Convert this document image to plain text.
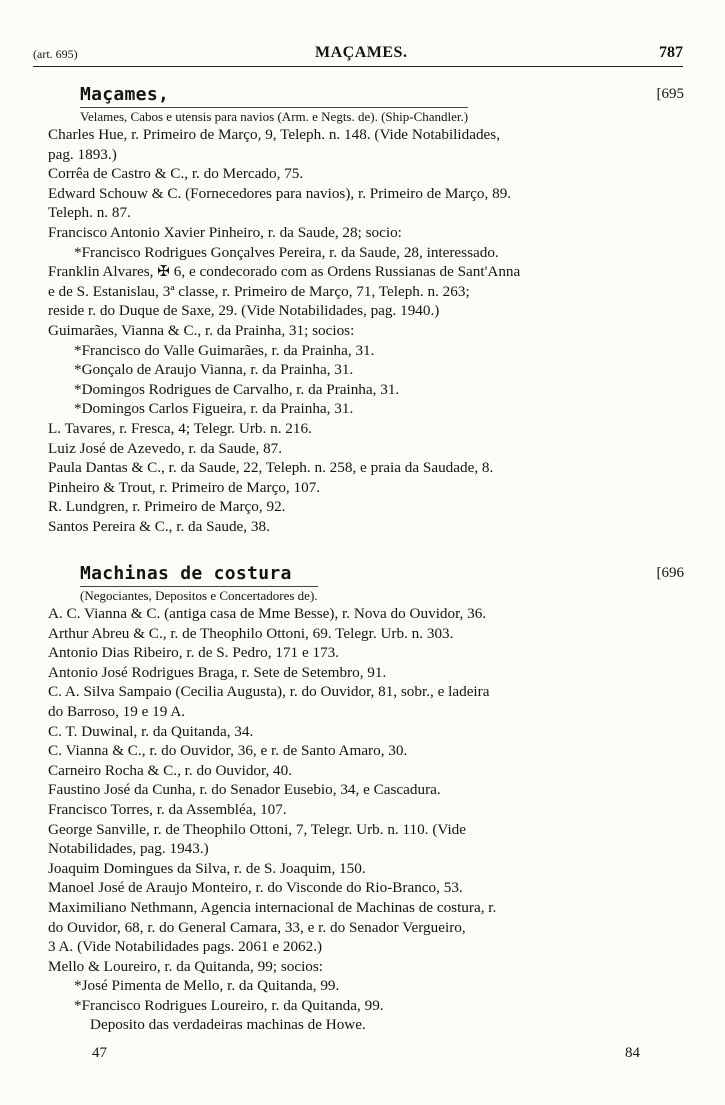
(art. 695)	MAÇAMES.	787
Maçames,	[695
Velames, Cabos e utensis para navios (Arm. e Negts. de). (Ship-Chandler.)
Charles Hue, r. Primeiro de Março, 9, Teleph. n. 148. (Vide Notabilidades,
pag. 1893.)
Corrêa de Castro & C., r. do Mercado, 75.
Edward Schouw & C. (Fornecedores para navios), r. Primeiro de Março, 89.
Teleph. n. 87.
Francisco Antonio Xavier Pinheiro, r. da Saude, 28; socio:
*Francisco Rodrigues Gonçalves Pereira, r. da Saude, 28, interessado.
Franklin Alvares, ✠ 6, e condecorado com as Ordens Russianas de Sant'Anna
e de S. Estanislau, 3ª classe, r. Primeiro de Março, 71, Teleph. n. 263;
reside r. do Duque de Saxe, 29. (Vide Notabilidades, pag. 1940.)
Guimarães, Vianna & C., r. da Prainha, 31; socios:
*Francisco do Valle Guimarães, r. da Prainha, 31.
*Gonçalo de Araujo Vianna, r. da Prainha, 31.
*Domingos Rodrigues de Carvalho, r. da Prainha, 31.
*Domingos Carlos Figueira, r. da Prainha, 31.
L. Tavares, r. Fresca, 4; Telegr. Urb. n. 216.
Luiz José de Azevedo, r. da Saude, 87.
Paula Dantas & C., r. da Saude, 22, Teleph. n. 258, e praia da Saudade, 8.
Pinheiro & Trout, r. Primeiro de Março, 107.
R. Lundgren, r. Primeiro de Março, 92.
Santos Pereira & C., r. da Saude, 38.
Machinas de costura	[696
(Negociantes, Depositos e Concertadores de).
A. C. Vianna & C. (antiga casa de Mme Besse), r. Nova do Ouvidor, 36.
Arthur Abreu & C., r. de Theophilo Ottoni, 69. Telegr. Urb. n. 303.
Antonio Dias Ribeiro, r. de S. Pedro, 171 e 173.
Antonio José Rodrigues Braga, r. Sete de Setembro, 91.
C. A. Silva Sampaio (Cecilia Augusta), r. do Ouvidor, 81, sobr., e ladeira
do Barroso, 19 e 19 A.
C. T. Duwinal, r. da Quitanda, 34.
C. Vianna & C., r. do Ouvidor, 36, e r. de Santo Amaro, 30.
Carneiro Rocha & C., r. do Ouvidor, 40.
Faustino José da Cunha, r. do Senador Eusebio, 34, e Cascadura.
Francisco Torres, r. da Assembléa, 107.
George Sanville, r. de Theophilo Ottoni, 7, Telegr. Urb. n. 110. (Vide
Notabilidades, pag. 1943.)
Joaquim Domingues da Silva, r. de S. Joaquim, 150.
Manoel José de Araujo Monteiro, r. do Visconde do Rio-Branco, 53.
Maximiliano Nethmann, Agencia internacional de Machinas de costura, r.
do Ouvidor, 68, r. do General Camara, 33, e r. do Senador Vergueiro,
3 A. (Vide Notabilidades pags. 2061 e 2062.)
Mello & Loureiro, r. da Quitanda, 99; socios:
*José Pimenta de Mello, r. da Quitanda, 99.
*Francisco Rodrigues Loureiro, r. da Quitanda, 99.
Deposito das verdadeiras machinas de Howe.
47	84
